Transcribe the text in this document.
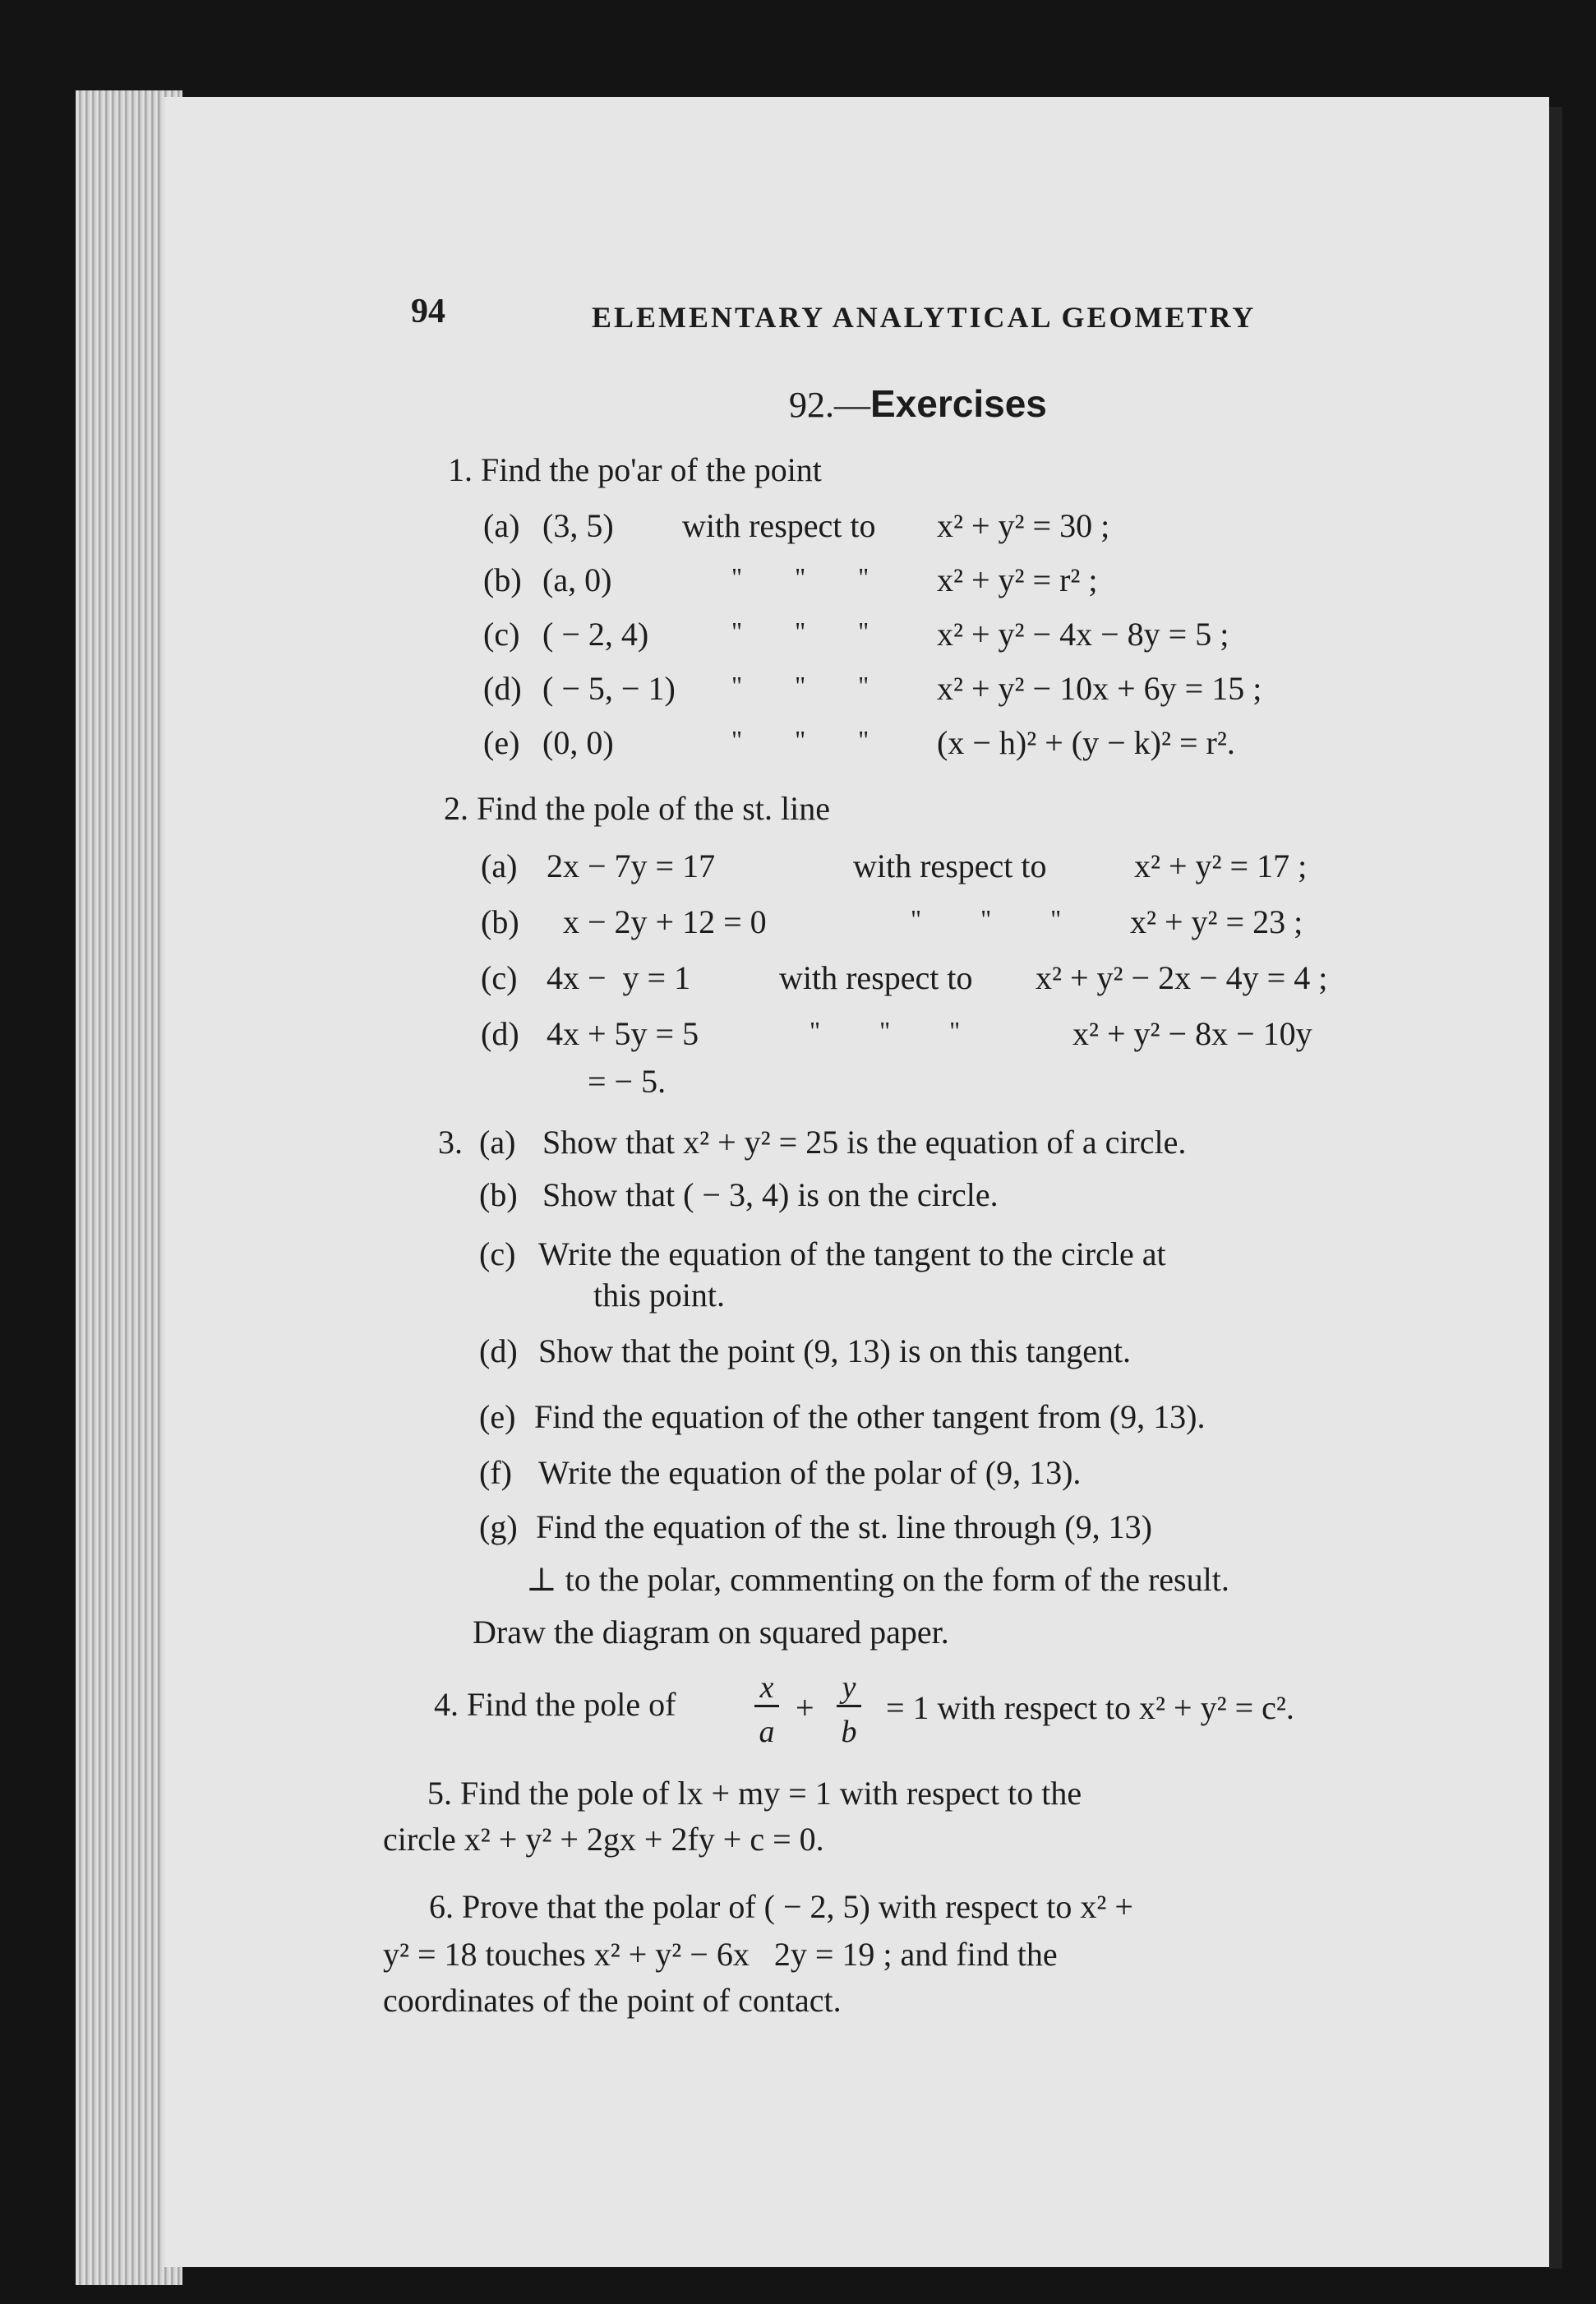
94	ELEMENTARY ANALYTICAL GEOMETRY
92.—Exercises
1. Find the po'ar of the point
(a) (3, 5) with respect to x² + y² = 30 ;
(b) (a, 0)	"        "        " x² + y² = r² ;
(c) ( − 2, 4)	"        "        " x² + y² − 4x − 8y = 5 ;
(d) ( − 5, − 1) "        "        " x² + y² − 10x + 6y = 15 ;
(e) (0, 0)	"        "        " (x − h)² + (y − k)² = r².
2. Find the pole of the st. line
(a) 2x − 7y = 17	with respect to	x² + y² = 17 ;
(b) x − 2y + 12 = 0	"         "         " x² + y² = 23 ;
(c) 4x −  y = 1	with respect to x² + y² − 2x − 4y = 4 ;
(d) 4x + 5y = 5	"         "         "	x² + y² − 8x − 10y
= − 5.
3. (a) Show that x² + y² = 25 is the equation of a circle.
(b) Show that ( − 3, 4) is on the circle.
(c) Write the equation of the tangent to the circle at
this point.
(d) Show that the point (9, 13) is on this tangent.
(e) Find the equation of the other tangent from (9, 13).
(f) Write the equation of the polar of (9, 13).
(g) Find the equation of the st. line through (9, 13)
⊥ to the polar, commenting on the form of the result.
Draw the diagram on squared paper.
4. Find the pole of	x
a
+
y
b
= 1 with respect to x² + y² = c².
5. Find the pole of lx + my = 1 with respect to the
circle x² + y² + 2gx + 2fy + c = 0.
6. Prove that the polar of ( − 2, 5) with respect to x² +
y² = 18 touches x² + y² − 6x   2y = 19 ; and find the
coordinates of the point of contact.
